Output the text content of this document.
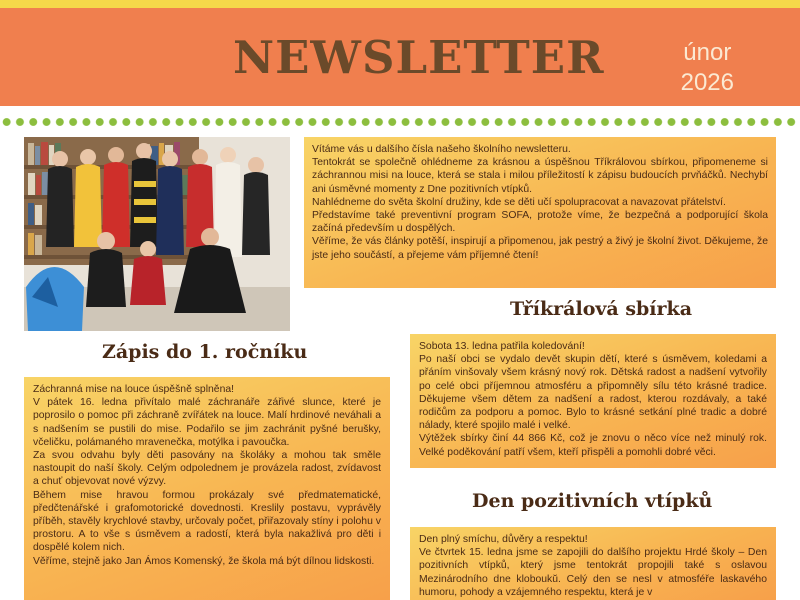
NEWSLETTER	únor
2026

Vítáme vás u dalšího čísla našeho školního newsletteru.

Tentokrát se společně ohlédneme za krásnou a úspěšnou Tříkrálovou sbírkou, připomeneme si záchrannou misi na louce, která se stala i milou příležitostí k zápisu budoucích prvňáčků. Nechybí ani úsměvné momenty z Dne pozitivních vtípků.

Nahlédneme do světa školní družiny, kde se děti učí spolupracovat a navazovat přátelství.

Představíme také preventivní program SOFA, protože víme, že bezpečná a podporující škola začíná především u dospělých.

Věříme, že vás články potěší, inspirují a připomenou, jak pestrý a živý je školní život. Děkujeme, že jste jeho součástí, a přejeme vám příjemné čtení!

Tříkrálová sbírka

Sobota 13. ledna patřila koledování!

Po naší obci se vydalo devět skupin dětí, které s úsměvem, koledami a přáním vinšovaly všem krásný nový rok. Dětská radost a nadšení vytvořily po celé obci příjemnou atmosféru a připomněly sílu této krásné tradice. Děkujeme všem dětem za nadšení a radost, kterou rozdávaly, a také rodičům za podporu a pomoc. Bylo to krásné setkání plné tradic a dobré nálady, které spojilo malé i velké.

Výtěžek sbírky činí 44 866 Kč, což je znovu o něco více než minulý rok. Velké poděkování patří všem, kteří přispěli a pomohli dobré věci.

Zápis do 1. ročníku

Záchranná mise na louce úspěšně splněna!

V pátek 16. ledna přivítalo malé záchranáře zářivé slunce, které je poprosilo o pomoc při záchraně zvířátek na louce. Malí hrdinové neváhali a s nadšením se pustili do mise. Podařilo se jim zachránit pyšné berušky, včeličku, polámaného mravenečka, motýlka i pavoučka.

Za svou odvahu byly děti pasovány na školáky a mohou tak směle nastoupit do naší školy. Celým odpolednem je provázela radost, zvídavost a chuť objevovat nové výzvy.

Během mise hravou formou prokázaly své předmatematické, předčtenářské i grafomotorické dovednosti. Kreslily postavu, vyprávěly příběh, stavěly krychlové stavby, určovaly počet, přiřazovaly stíny i polohu v prostoru. A to vše s úsměvem a radostí, která byla nakažlivá pro děti i dospělé kolem nich.

Věříme, stejně jako Jan Ámos Komenský, že škola má být dílnou lidskosti.

Den pozitivních vtípků

Den plný smíchu, důvěry a respektu!

Ve čtvrtek 15. ledna jsme se zapojili do dalšího projektu Hrdé školy – Den pozitivních vtípků, který jsme tentokrát propojili také s oslavou Mezinárodního dne kloboukŭ. Celý den se nesl v atmosféře laskavého humoru, pohody a vzájemného respektu, která je v
